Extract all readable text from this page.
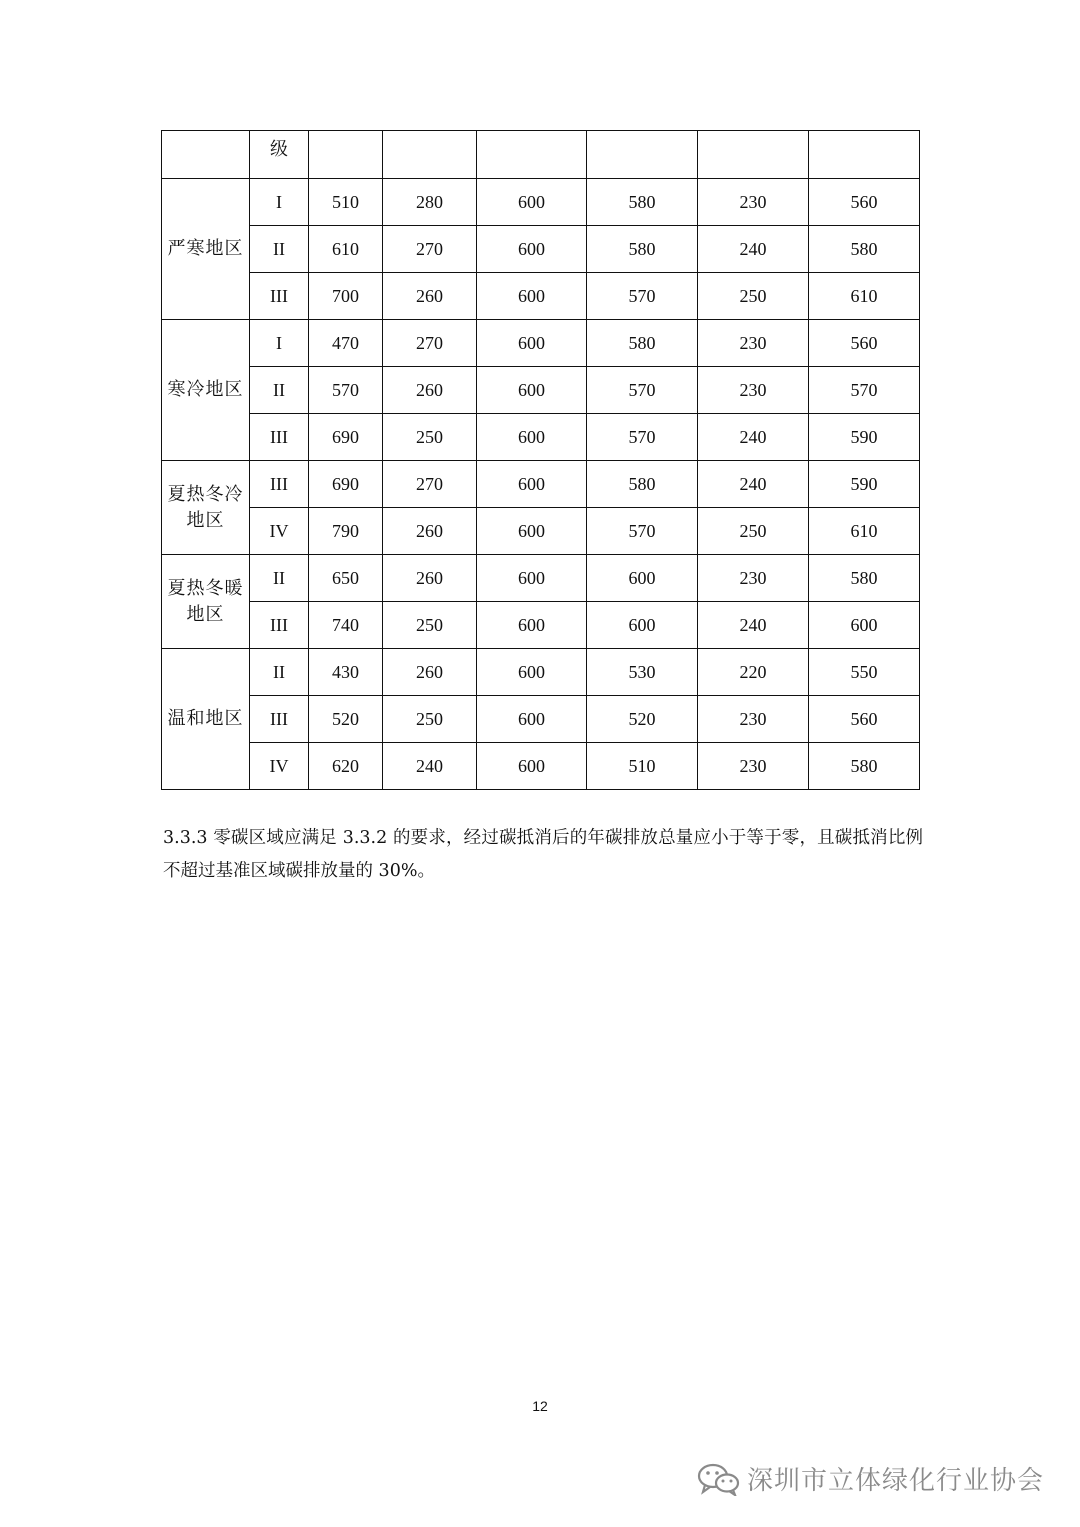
	级						
严寒地区	I	510	280	600	580	230	560
	II	610	270	600	580	240	580
	III	700	260	600	570	250	610
寒冷地区	I	470	270	600	580	230	560
	II	570	260	600	570	230	570
	III	690	250	600	570	240	590
夏热冬冷地区	III	690	270	600	580	240	590
	IV	790	260	600	570	250	610
夏热冬暖地区	II	650	260	600	600	230	580
	III	740	250	600	600	240	600
温和地区	II	430	260	600	530	220	550
	III	520	250	600	520	230	560
	IV	620	240	600	510	230	580
3.3.3 零碳区域应满足 3.3.2 的要求，经过碳抵消后的年碳排放总量应小于等于零，且碳抵消比例不超过基准区域碳排放量的 30%。
12
深圳市立体绿化行业协会
